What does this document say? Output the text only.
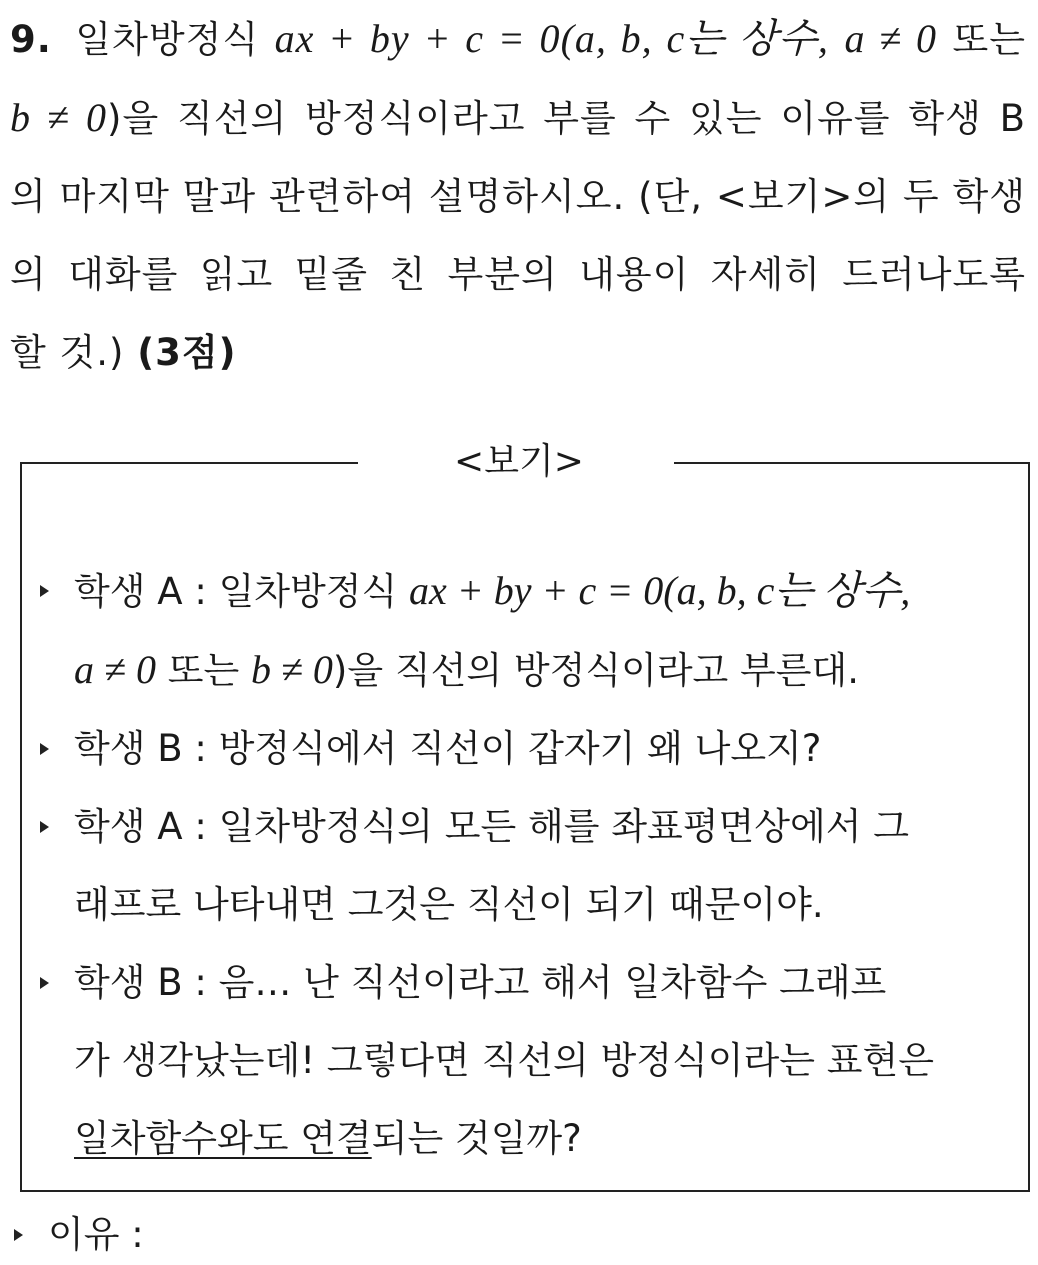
9. 일차방정식 ax + by + c = 0(a, b, c는 상수, a ≠ 0 또는
b ≠ 0)을 직선의 방정식이라고 부를 수 있는 이유를 학생 B
의 마지막 말과 관련하여 설명하시오. (단, <보기>의 두 학생
의 대화를 읽고 밑줄 친 부분의 내용이 자세히 드러나도록
할 것.) (3점)
<보기>
학생 A : 일차방정식 ax + by + c = 0(a, b, c는 상수,
a ≠ 0 또는 b ≠ 0)을 직선의 방정식이라고 부른대.
학생 B : 방정식에서 직선이 갑자기 왜 나오지?
학생 A : 일차방정식의 모든 해를 좌표평면상에서 그
래프로 나타내면 그것은 직선이 되기 때문이야.
학생 B : 음… 난 직선이라고 해서 일차함수 그래프
가 생각났는데! 그렇다면 직선의 방정식이라는 표현은
일차함수와도 연결되는 것일까?
이유 :
